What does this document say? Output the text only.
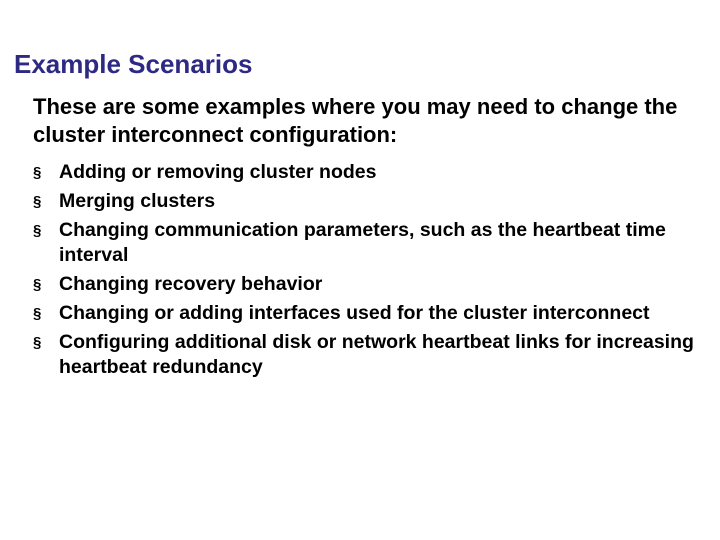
Example Scenarios

These are some examples where you may need to change the cluster interconnect configuration:

§ Adding or removing cluster nodes
§ Merging clusters
§ Changing communication parameters, such as the heartbeat time interval
§ Changing recovery behavior
§ Changing or adding interfaces used for the cluster interconnect
§ Configuring additional disk or network heartbeat links for increasing heartbeat redundancy
